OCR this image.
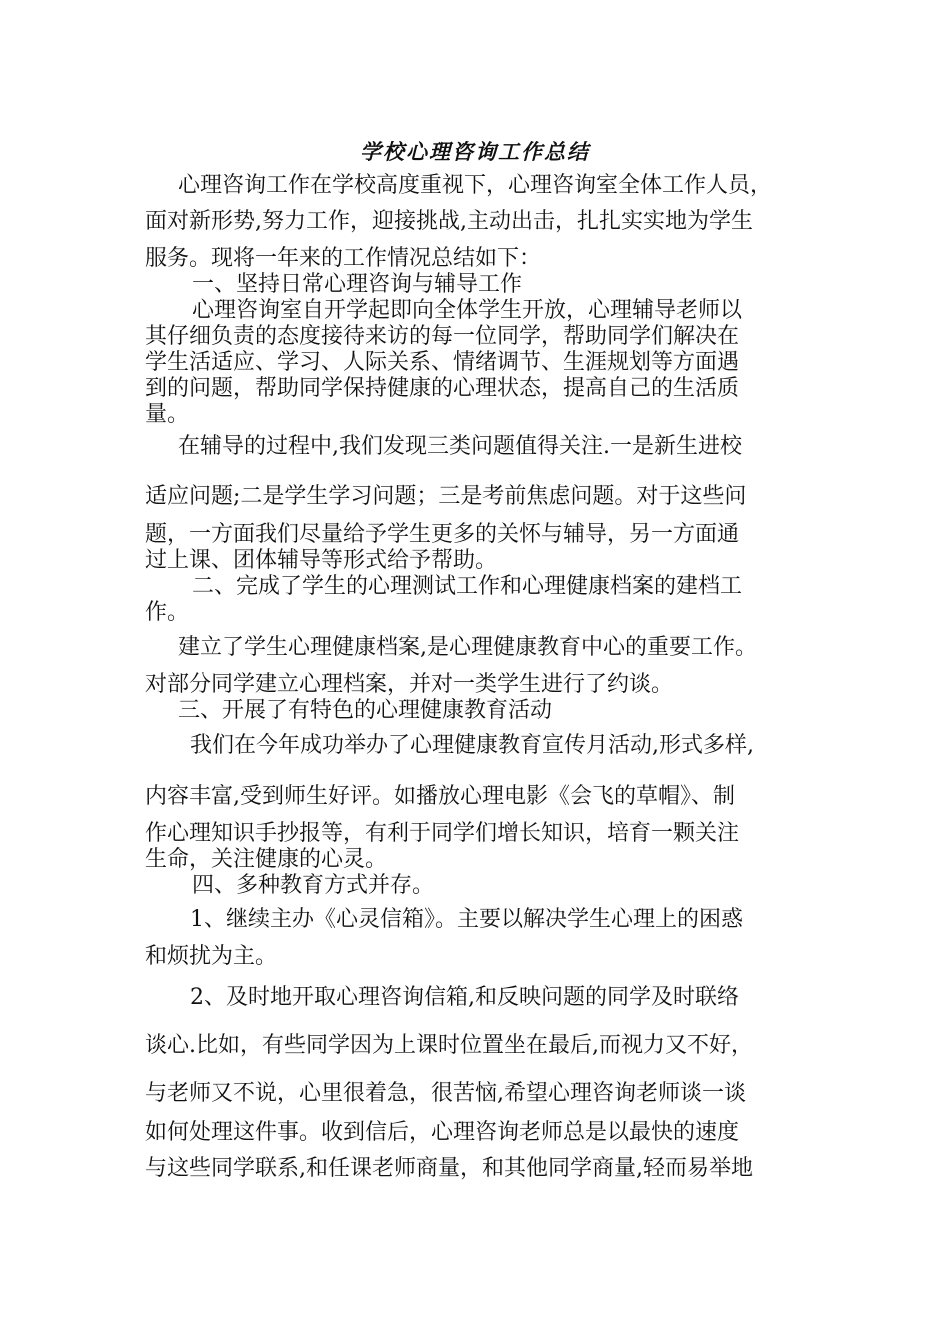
学校心理咨询工作总结
心理咨询工作在学校高度重视下，心理咨询室全体工作人员，
面对新形势,努力工作，迎接挑战,主动出击，扎扎实实地为学生
服务。现将一年来的工作情况总结如下：
一、坚持日常心理咨询与辅导工作
心理咨询室自开学起即向全体学生开放，心理辅导老师以
其仔细负责的态度接待来访的每一位同学，帮助同学们解决在
学生活适应、学习、人际关系、情绪调节、生涯规划等方面遇
到的问题，帮助同学保持健康的心理状态，提高自己的生活质
量。
在辅导的过程中,我们发现三类问题值得关注.一是新生进校
适应问题;二是学生学习问题；三是考前焦虑问题。对于这些问
题，一方面我们尽量给予学生更多的关怀与辅导，另一方面通
过上课、团体辅导等形式给予帮助。
二、完成了学生的心理测试工作和心理健康档案的建档工
作。
建立了学生心理健康档案,是心理健康教育中心的重要工作。
对部分同学建立心理档案，并对一类学生进行了约谈。
三、开展了有特色的心理健康教育活动
我们在今年成功举办了心理健康教育宣传月活动,形式多样,
内容丰富,受到师生好评。如播放心理电影《会飞的草帽》、制
作心理知识手抄报等，有利于同学们增长知识，培育一颗关注
生命，关注健康的心灵。
四、多种教育方式并存。
1、继续主办《心灵信箱》。主要以解决学生心理上的困惑
和烦扰为主。
2、及时地开取心理咨询信箱,和反映问题的同学及时联络
谈心.比如，有些同学因为上课时位置坐在最后,而视力又不好，
与老师又不说，心里很着急，很苦恼,希望心理咨询老师谈一谈
如何处理这件事。收到信后，心理咨询老师总是以最快的速度
与这些同学联系,和任课老师商量，和其他同学商量,轻而易举地
